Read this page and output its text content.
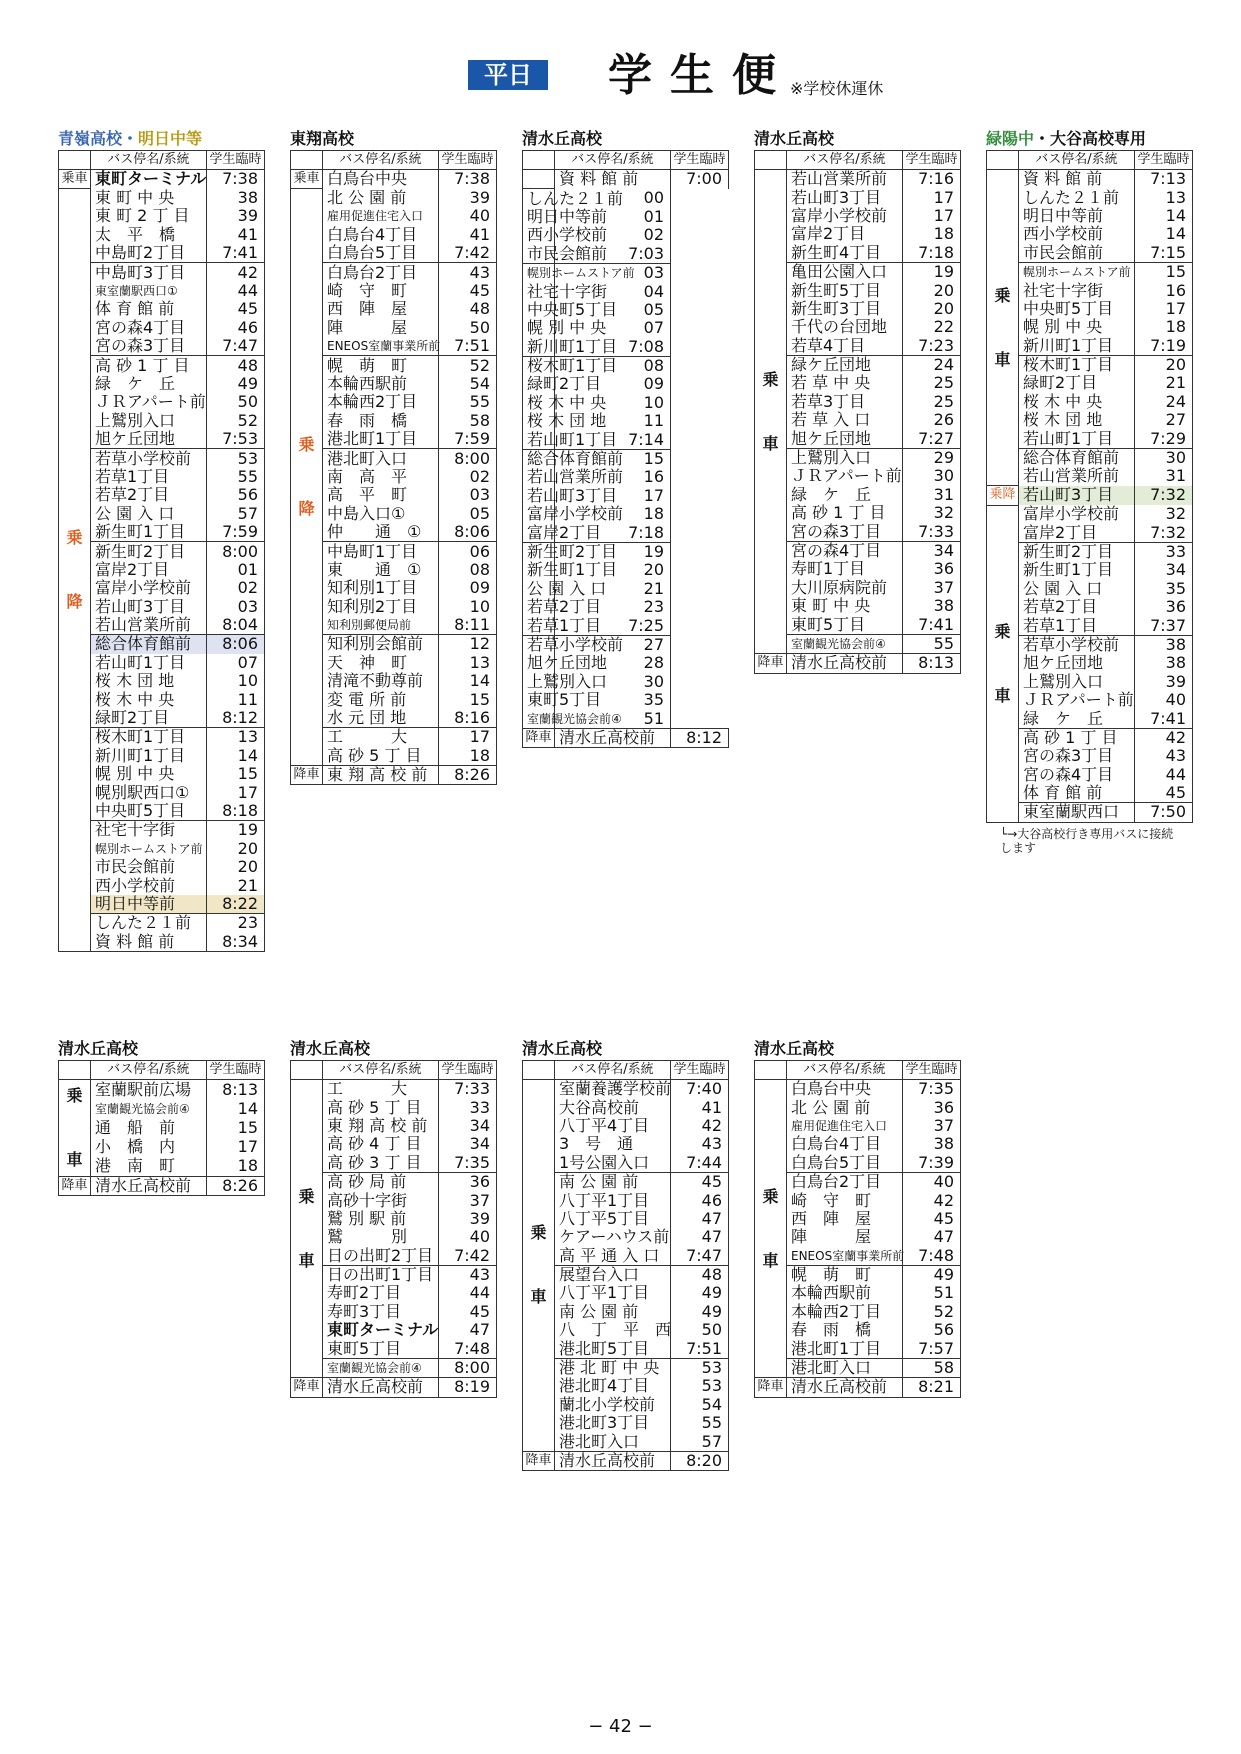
平日	学生便
※学校休運休
青嶺高校・明日中等
	バス停名/系統	学生臨時
乗車	東町ターミナル	7:38
乗

降	東 町 中 央	38
	東 町 2 丁 目	39
	太　平　橋	41
	中島町2丁目	7:41
	中島町3丁目	42
	東室蘭駅西口①	44
	体 育 館 前	45
	宮の森4丁目	46
	宮の森3丁目	7:47
	高 砂 1 丁 目	48
	緑　ケ　丘	49
	ＪＲアパート前	50
	上鷲別入口	52
	旭ケ丘団地	7:53
	若草小学校前	53
	若草1丁目	55
	若草2丁目	56
	公 園 入 口	57
	新生町1丁目	7:59
	新生町2丁目	8:00
	富岸2丁目	01
	富岸小学校前	02
	若山町3丁目	03
	若山営業所前	8:04
	総合体育館前	8:06
	若山町1丁目	07
	桜 木 団 地	10
	桜 木 中 央	11
	緑町2丁目	8:12
	桜木町1丁目	13
	新川町1丁目	14
	幌 別 中 央	15
	幌別駅西口①	17
	中央町5丁目	8:18
	社宅十字街	19
	幌別ホームストア前	20
	市民会館前	20
	西小学校前	21
	明日中等前	8:22
	しんた２１前	23
	資 料 館 前	8:34
東翔高校
	バス停名/系統	学生臨時
乗車	白鳥台中央	7:38
乗

降	北 公 園 前	39
	雇用促進住宅入口	40
	白鳥台4丁目	41
	白鳥台5丁目	7:42
	白鳥台2丁目	43
	崎　守　町	45
	西　陣　屋	48
	陣　　　屋	50
	ENEOS室蘭事業所前	7:51
	幌　萌　町	52
	本輪西駅前	54
	本輪西2丁目	55
	春　雨　橋	58
	港北町1丁目	7:59
	港北町入口	8:00
	南　高　平	02
	高　平　町	03
	中島入口①	05
	仲　　通　①	8:06
	中島町1丁目	06
	東　　通　①	08
	知利別1丁目	09
	知利別2丁目	10
	知利別郵便局前	8:11
	知利別会館前	12
	天　神　町	13
	清滝不動尊前	14
	変 電 所 前	15
	水 元 団 地	8:16
	工　　　大	17
	高 砂 5 丁 目	18
降車	東 翔 高 校 前	8:26
清水丘高校
	バス停名/系統	学生臨時
	資 料 館 前	7:00
しんた２１前	00	
明日中等前	01	
西小学校前	02	
市民会館前	7:03	
幌別ホームストア前	03	
社宅十字街	04	
中央町5丁目	05	
幌 別 中 央	07	
新川町1丁目	7:08	
桜木町1丁目	08	
緑町2丁目	09	
桜 木 中 央	10	
桜 木 団 地	11	
若山町1丁目	7:14	
総合体育館前	15	
若山営業所前	16	
若山町3丁目	17	
富岸小学校前	18	
富岸2丁目	7:18	
新生町2丁目	19	
新生町1丁目	20	
公 園 入 口	21	
若草2丁目	23	
若草1丁目	7:25	
若草小学校前	27	
旭ケ丘団地	28	
上鷲別入口	30	
東町5丁目	35	
室蘭観光協会前④	51	
降車	清水丘高校前	8:12
清水丘高校
	バス停名/系統	学生臨時
乗

車	若山営業所前	7:16
	若山町3丁目	17
	富岸小学校前	17
	富岸2丁目	18
	新生町4丁目	7:18
	亀田公園入口	19
	新生町5丁目	20
	新生町3丁目	20
	千代の台団地	22
	若草4丁目	7:23
	緑ケ丘団地	24
	若 草 中 央	25
	若草3丁目	25
	若 草 入 口	26
	旭ケ丘団地	7:27
	上鷲別入口	29
	ＪＲアパート前	30
	緑　ケ　丘	31
	高 砂 1 丁 目	32
	宮の森3丁目	7:33
	宮の森4丁目	34
	寿町1丁目	36
	大川原病院前	37
	東 町 中 央	38
	東町5丁目	7:41
	室蘭観光協会前④	55
降車	清水丘高校前	8:13
緑陽中・大谷高校専用
	バス停名/系統	学生臨時
乗

車	資 料 館 前	7:13
	しんた２１前	13
	明日中等前	14
	西小学校前	14
	市民会館前	7:15
	幌別ホームストア前	15
	社宅十字街	16
	中央町5丁目	17
	幌 別 中 央	18
	新川町1丁目	7:19
	桜木町1丁目	20
	緑町2丁目	21
	桜 木 中 央	24
	桜 木 団 地	27
	若山町1丁目	7:29
	総合体育館前	30
	若山営業所前	31
乗降	若山町3丁目	7:32
乗

車	富岸小学校前	32
	富岸2丁目	7:32
	新生町2丁目	33
	新生町1丁目	34
	公 園 入 口	35
	若草2丁目	36
	若草1丁目	7:37
	若草小学校前	38
	旭ケ丘団地	38
	上鷲別入口	39
	ＪＲアパート前	40
	緑　ケ　丘	7:41
	高 砂 1 丁 目	42
	宮の森3丁目	43
	宮の森4丁目	44
	体 育 館 前	45
	東室蘭駅西口	7:50
└→大谷高校行き専用バスに接続
します
清水丘高校
	バス停名/系統	学生臨時
乗

車	室蘭駅前広場	8:13
	室蘭観光協会前④	14
	通　船　前	15
	小　橋　内	17
	港　南　町	18
降車	清水丘高校前	8:26
清水丘高校
	バス停名/系統	学生臨時
乗

車	工　　　大	7:33
	高 砂 5 丁 目	33
	東 翔 高 校 前	34
	高 砂 4 丁 目	34
	高 砂 3 丁 目	7:35
	高 砂 局 前	36
	高砂十字街	37
	鷲 別 駅 前	39
	鷲　　　別	40
	日の出町2丁目	7:42
	日の出町1丁目	43
	寿町2丁目	44
	寿町3丁目	45
	東町ターミナル	47
	東町5丁目	7:48
	室蘭観光協会前④	8:00
降車	清水丘高校前	8:19
清水丘高校
	バス停名/系統	学生臨時
乗

車	室蘭養護学校前	7:40
	大谷高校前	41
	八丁平4丁目	42
	3　号　通	43
	1号公園入口	7:44
	南 公 園 前	45
	八丁平1丁目	46
	八丁平5丁目	47
	ケアーハウス前	47
	高 平 通 入 口	7:47
	展望台入口	48
	八丁平1丁目	49
	南 公 園 前	49
	八　丁　平　西	50
	港北町5丁目	7:51
	港 北 町 中 央	53
	港北町4丁目	53
	蘭北小学校前	54
	港北町3丁目	55
	港北町入口	57
降車	清水丘高校前	8:20
清水丘高校
	バス停名/系統	学生臨時
乗

車	白鳥台中央	7:35
	北 公 園 前	36
	雇用促進住宅入口	37
	白鳥台4丁目	38
	白鳥台5丁目	7:39
	白鳥台2丁目	40
	崎　守　町	42
	西　陣　屋	45
	陣　　　屋	47
	ENEOS室蘭事業所前	7:48
	幌　萌　町	49
	本輪西駅前	51
	本輪西2丁目	52
	春　雨　橋	56
	港北町1丁目	7:57
	港北町入口	58
降車	清水丘高校前	8:21
− 42 −
